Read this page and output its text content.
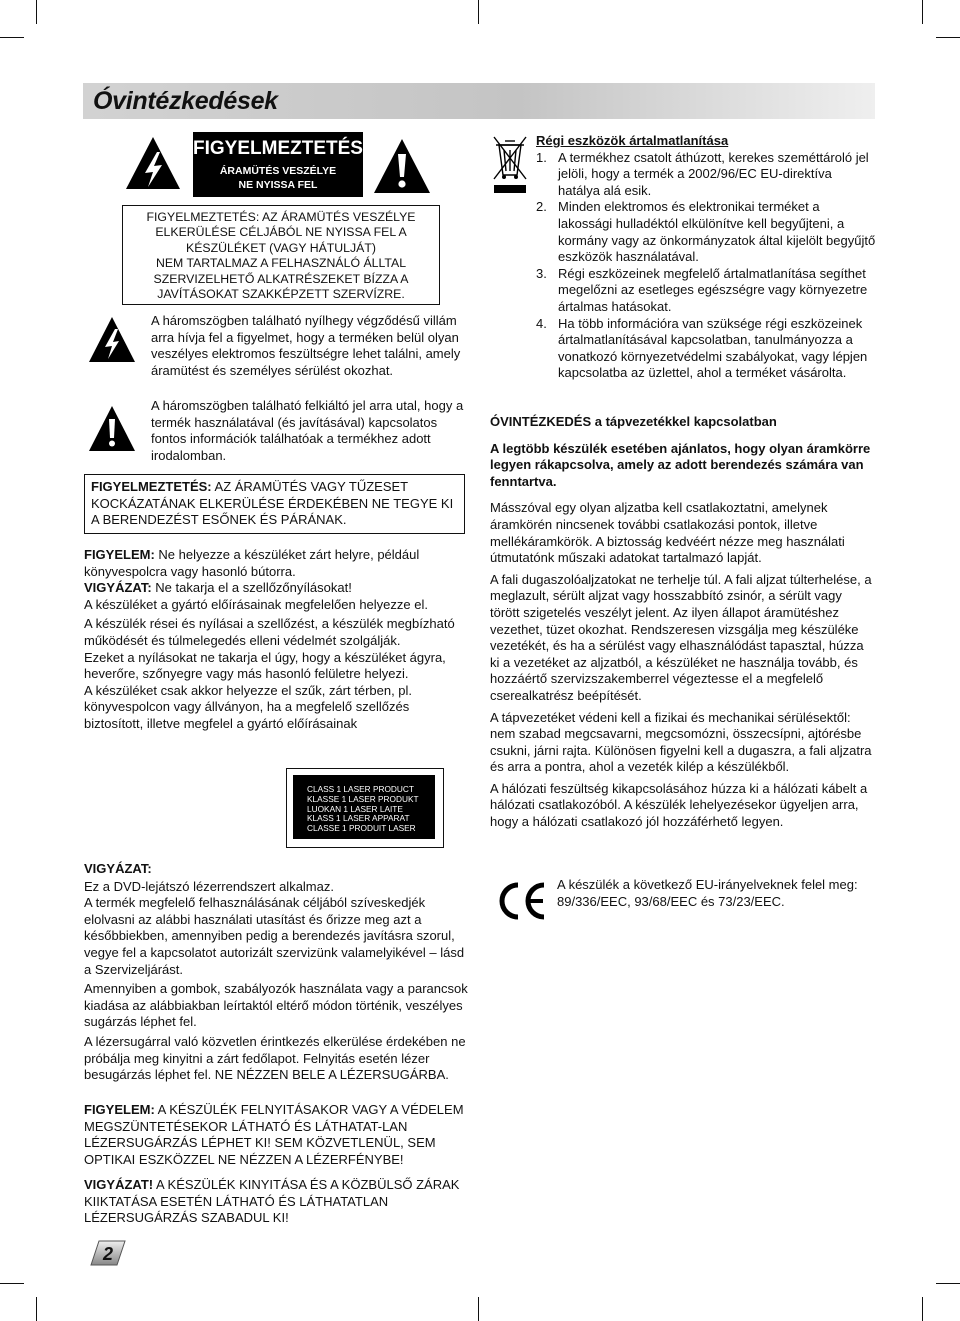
Óvintézkedések
FIGYELMEZTETÉS
ÁRAMÜTÉS VESZÉLYE
NE NYISSA FEL
FIGYELMEZTETÉS: AZ ÁRAMÜTÉS VESZÉLYE
ELKERÜLÉSE CÉLJÁBÓL NE NYISSA FEL A
KÉSZÜLÉKET (VAGY HÁTULJÁT)
NEM TARTALMAZ A FELHASZNÁLÓ ÁLLTAL
SZERVIZELHETŐ ALKATRÉSZEKET BÍZZA A
JAVÍTÁSOKAT SZAKKÉPZETT SZERVÍZRE.

A háromszögben található nyílhegy végződésű villám arra hívja fel a figyelmet, hogy a terméken belül olyan veszélyes elektromos feszültségre lehet találni, amely áramütést és személyes sérülést okozhat.

A háromszögben található felkiáltó jel arra utal, hogy a termék használatával (és javításával) kapcsolatos fontos információk találhatóak a termékhez adott irodalomban.

FIGYELMEZTETÉS: AZ ÁRAMÜTÉS VAGY TŰZESET KOCKÁZATÁNAK ELKERÜLÉSE ÉRDEKÉBEN NE TEGYE KI A BERENDEZÉST ESŐNEK ÉS PÁRÁNAK.

FIGYELEM: Ne helyezze a készüléket zárt helyre, például könyvespolcra vagy hasonló bútorra.

VIGYÁZAT: Ne takarja el a szellőzőnyílásokat!

A készüléket a gyártó előírásainak megfelelően helyezze el.

A készülék rései és nyílásai a szellőzést, a készülék megbízható működését és túlmelegedés elleni védelmét szolgálják.

Ezeket a nyílásokat ne takarja el úgy, hogy a készüléket ágyra, heverőre, szőnyegre vagy más hasonló felületre helyezi.

A készüléket csak akkor helyezze el szűk, zárt térben, pl. könyvespolcon vagy állványon, ha a megfelelő szellőzés biztosított, illetve megfelel a gyártó előírásainak

CLASS 1 LASER PRODUCT
KLASSE 1 LASER PRODUKT
LUOKAN 1 LASER LAITE
KLASS 1 LASER APPARAT
CLASSE 1 PRODUIT LASER

VIGYÁZAT:

Ez a DVD-lejátszó lézerrendszert alkalmaz.

A termék megfelelő felhasználásának céljából szíveskedjék elolvasni az alábbi használati utasítást és őrizze meg azt a későbbiekben, amennyiben pedig a berendezés javításra szorul, vegye fel a kapcsolatot autorizált szervizünk valamelyikével – lásd a Szervizeljárást.

Amennyiben a gombok, szabályozók használata vagy a parancsok kiadása az alábbiakban leírtaktól eltérő módon történik, veszélyes sugárzás léphet fel.

A lézersugárral való közvetlen érintkezés elkerülése érdekében ne próbálja meg kinyitni a zárt fedőlapot. Felnyitás esetén lézer besugárzás léphet fel. NE NÉZZEN BELE A LÉZERSUGÁRBA.

FIGYELEM: A KÉSZÜLÉK FELNYITÁSAKOR VAGY A VÉDELEM MEGSZÜNTETÉSEKOR LÁTHATÓ ÉS LÁTHATAT-LAN LÉZERSUGÁRZÁS LÉPHET KI! SEM KÖZVETLENÜL, SEM OPTIKAI ESZKÖZZEL NE NÉZZEN A LÉZERFÉNYBE!

VIGYÁZAT! A KÉSZÜLÉK KINYITÁSA ÉS A KÖZBÜLSŐ ZÁRAK KIIKTATÁSA ESETÉN LÁTHATÓ ÉS LÁTHATATLAN LÉZERSUGÁRZÁS SZABADUL KI!

2

Régi eszközök ártalmatlanítása

1. A termékhez csatolt áthúzott, kerekes szeméttároló jel jelöli, hogy a termék a 2002/96/EC EU-direktíva hatálya alá esik.
2. Minden elektromos és elektronikai terméket a lakossági hulladéktól elkülönítve kell begyűjteni, a kormány vagy az önkormányzatok által kijelölt begyűjtő eszközök használatával.
3. Régi eszközeinek megfelelő ártalmatlanítása segíthet megelőzni az esetleges egészségre vagy környezetre ártalmas hatásokat.
4. Ha több információra van szüksége régi eszközeinek ártalmatlanításával kapcsolatban, tanulmányozza a vonatkozó környezetvédelmi szabályokat, vagy lépjen kapcsolatba az üzlettel, ahol a terméket vásárolta.

ÓVINTÉZKEDÉS a tápvezetékkel kapcsolatban

A legtöbb készülék esetében ajánlatos, hogy olyan áramkörre legyen rákapcsolva, amely az adott berendezés számára van fenntartva.

Másszóval egy olyan aljzatba kell csatlakoztatni, amelynek áramkörén nincsenek további csatlakozási pontok, illetve mellékáramkörök. A biztosság kedvéért nézze meg használati útmutatónk műszaki adatokat tartalmazó lapját.

A fali dugaszolóaljzatokat ne terhelje túl. A fali aljzat túlterhelése, a meglazult, sérült aljzat vagy hosszabbító zsinór, a sérült vagy törött szigetelés veszélyt jelent. Az ilyen állapot áramütéshez vezethet, tüzet okozhat. Rendszeresen vizsgálja meg készüléke vezetékét, és ha a sérülést vagy elhasználódást tapasztal, húzza ki a vezetéket az aljzatból, a készüléket ne használja tovább, és hozzáértő szervizszakemberrel végeztesse el a megfelelő cserealkatrész beépítését.

A tápvezetéket védeni kell a fizikai és mechanikai sérülésektől: nem szabad megcsavarni, megcsomózni, összecsípni, ajtórésbe csukni, járni rajta. Különösen figyelni kell a dugaszra, a fali aljzatra és arra a pontra, ahol a vezeték kilép a készülékből.

A hálózati feszültség kikapcsolásához húzza ki a hálózati kábelt a hálózati csatlakozóból. A készülék lehelyezésekor ügyeljen arra, hogy a hálózati csatlakozó jól hozzáférhető legyen.

A készülék a következő EU-irányelveknek felel meg: 89/336/EEC, 93/68/EEC és 73/23/EEC.
